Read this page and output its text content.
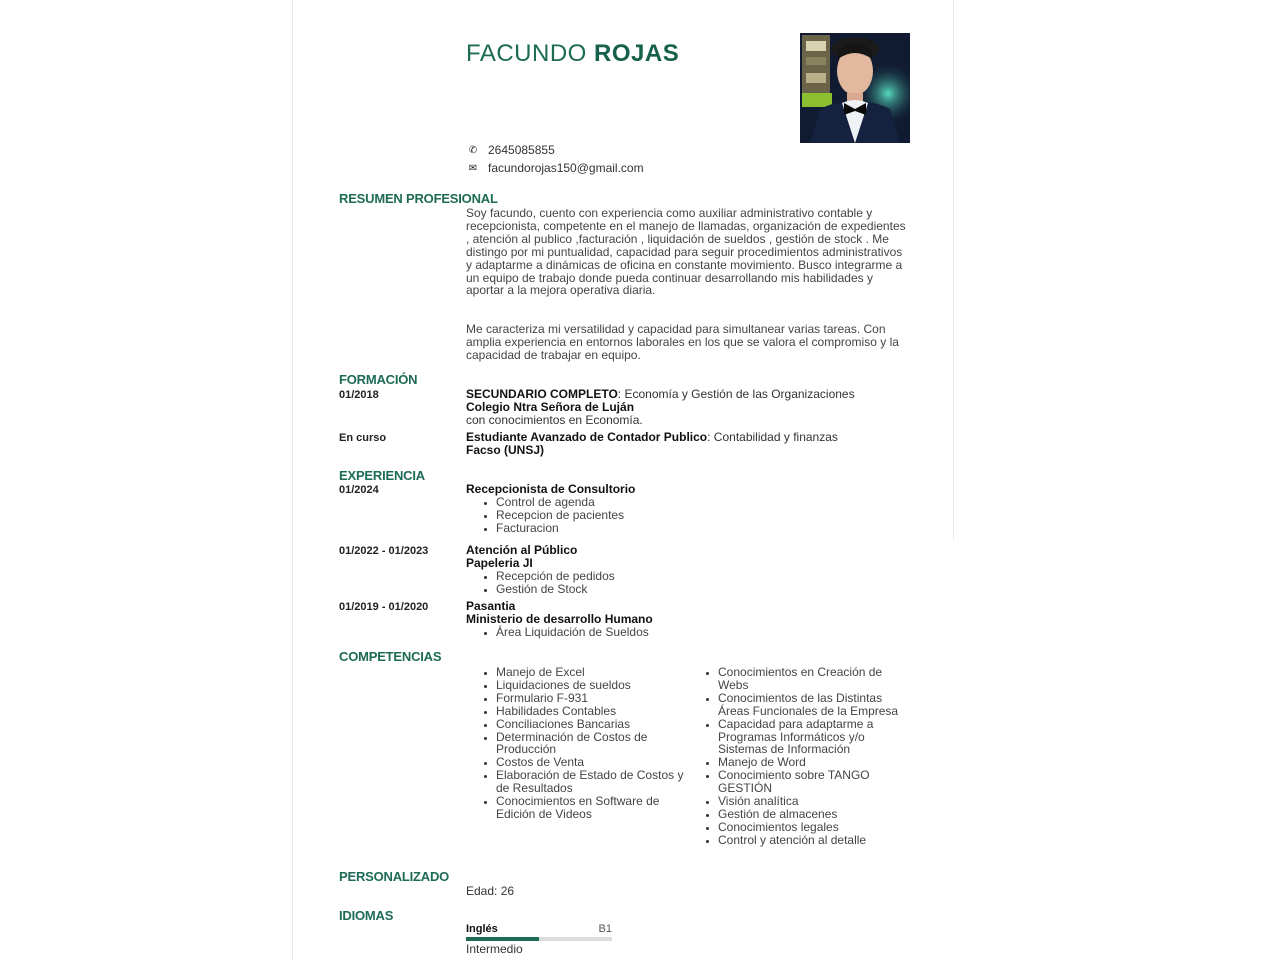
FACUNDO ROJAS
✆ 2645085855
✉ facundorojas150@gmail.com
RESUMEN PROFESIONAL
Soy facundo, cuento con experiencia como auxiliar administrativo contable y recepcionista, competente en el manejo de llamadas, organización de expedientes , atención al publico ,facturación , liquidación de sueldos , gestión de stock . Me distingo por mi puntualidad, capacidad para seguir procedimientos administrativos y adaptarme a dinámicas de oficina en constante movimiento. Busco integrarme a un equipo de trabajo donde pueda continuar desarrollando mis habilidades y aportar a la mejora operativa diaria.
Me caracteriza mi versatilidad y capacidad para simultanear varias tareas. Con amplia experiencia en entornos laborales en los que se valora el compromiso y la capacidad de trabajar en equipo.
FORMACIÓN
01/2018	SECUNDARIO COMPLETO: Economía y Gestión de las Organizaciones
Colegio Ntra Señora de Luján
con conocimientos en Economía.
En curso	Estudiante Avanzado de Contador Publico: Contabilidad y finanzas
Facso (UNSJ)
EXPERIENCIA
01/2024	Recepcionista de Consultorio
Control de agenda
Recepcion de pacientes
Facturacion
01/2022 - 01/2023	Atención al Público
Papeleria JI
Recepción de pedidos
Gestión de Stock
01/2019 - 01/2020	Pasantia
Ministerio de desarrollo Humano
Área Liquidación de Sueldos
COMPETENCIAS
Manejo de Excel
Liquidaciones de sueldos
Formulario F-931
Habilidades Contables
Conciliaciones Bancarias
Determinación de Costos de Producción
Costos de Venta
Elaboración de Estado de Costos y de Resultados
Conocimientos en Software de Edición de Videos
Conocimientos en Creación de Webs
Conocimientos de las Distintas Áreas Funcionales de la Empresa
Capacidad para adaptarme a Programas Informáticos y/o Sistemas de Información
Manejo de Word
Conocimiento sobre TANGO GESTIÓN
Visión analítica
Gestión de almacenes
Conocimientos legales
Control y atención al detalle
PERSONALIZADO
Edad: 26
IDIOMAS
Inglés	B1
Intermedio
